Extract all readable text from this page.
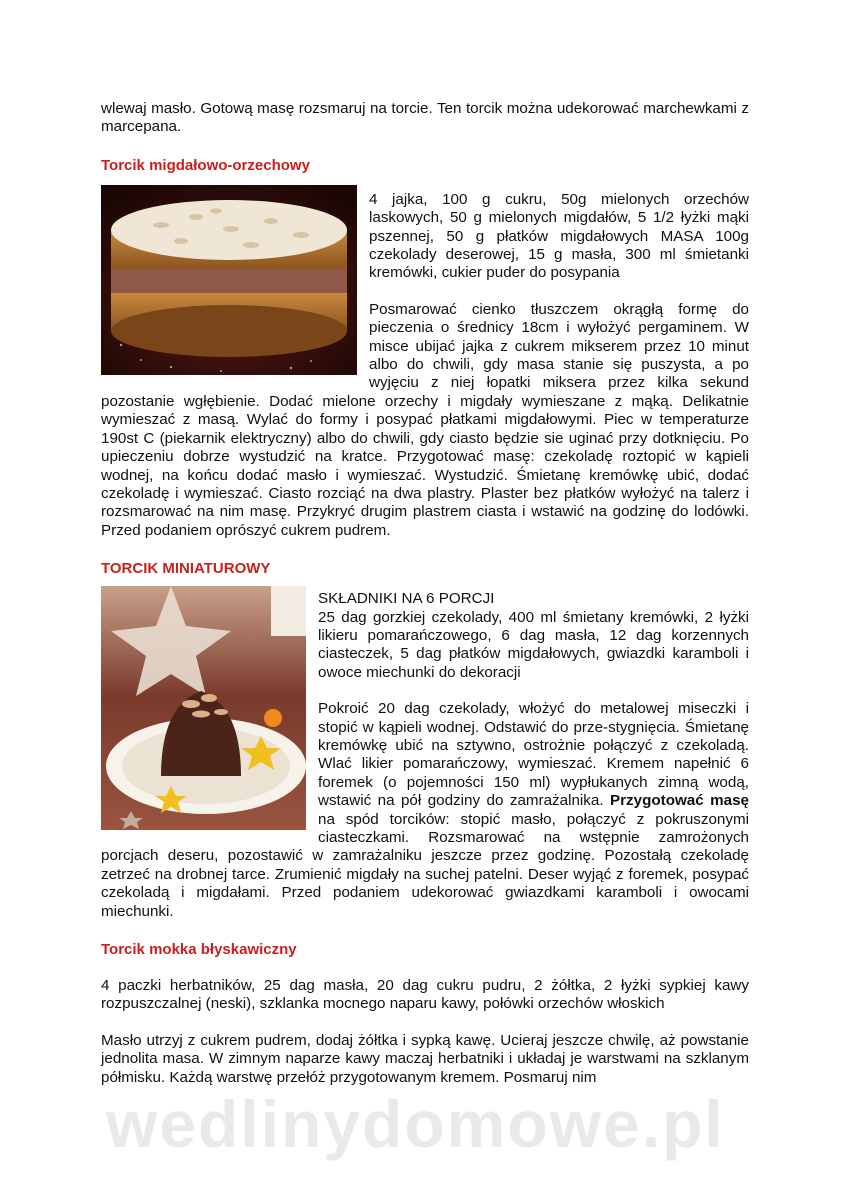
wlewaj masło. Gotową masę rozsmaruj na torcie. Ten torcik można udekorować marchewkami z marcepana.

Torcik migdałowo-orzechowy

4 jajka, 100 g cukru, 50g mielonych orzechów laskowych, 50 g mielonych migdałów, 5 1/2 łyżki mąki pszennej, 50 g płatków migdałowych MASA 100g czekolady deserowej, 15 g masła, 300 ml śmietanki kremówki, cukier puder do posypania

Posmarować cienko tłuszczem okrągłą formę do pieczenia o średnicy 18cm i wyłożyć pergaminem. W misce ubijać jajka z cukrem mikserem przez 10 minut albo do chwili, gdy masa stanie się puszysta, a po wyjęciu z niej łopatki miksera przez kilka sekund pozostanie wgłębienie. Dodać mielone orzechy i migdały wymieszane z mąką. Delikatnie wymieszać z masą. Wylać do formy i posypać płatkami migdałowymi. Piec w temperaturze 190st C (piekarnik elektryczny) albo do chwili, gdy ciasto będzie sie uginać przy dotknięciu. Po upieczeniu dobrze wystudzić na kratce. Przygotować masę: czekoladę roztopić w kąpieli wodnej, na końcu dodać masło i wymieszać. Wystudzić. Śmietanę kremówkę ubić, dodać czekoladę i wymieszać. Ciasto rozciąć na dwa plastry. Plaster bez płatków wyłożyć na talerz i rozsmarować na nim masę. Przykryć drugim plastrem ciasta i wstawić na godzinę do lodówki. Przed podaniem oprószyć cukrem pudrem.

TORCIK MINIATUROWY

SKŁADNIKI NA 6 PORCJI

25 dag gorzkiej czekolady, 400 ml śmietany kremówki, 2 łyżki likieru pomarańczowego, 6 dag masła, 12 dag korzennych ciasteczek, 5 dag płatków migdałowych, gwiazdki karamboli i owoce miechunki do dekoracji

Pokroić 20 dag czekolady, włożyć do metalowej miseczki i stopić w kąpieli wodnej. Odstawić do prze-stygnięcia. Śmietanę kremówkę ubić na sztywno, ostrożnie połączyć z czekoladą. Wlać likier pomarańczowy, wymieszać. Kremem napełnić 6 foremek (o pojemności 150 ml) wypłukanych zimną wodą, wstawić na pół godziny do zamrażalnika. Przygotować masę na spód torcików: stopić masło, połączyć z pokruszonymi ciasteczkami. Rozsmarować na wstępnie zamrożonych porcjach deseru, pozostawić w zamrażalniku jeszcze przez godzinę. Pozostałą czekoladę zetrzeć na drobnej tarce. Zrumienić migdały na suchej patelni. Deser wyjąć z foremek, posypać czekoladą i migdałami. Przed podaniem udekorować gwiazdkami karamboli i owocami miechunki.

Torcik mokka błyskawiczny

4 paczki herbatników, 25 dag masła, 20 dag cukru pudru, 2 żółtka, 2 łyżki sypkiej kawy rozpuszczalnej (neski), szklanka mocnego naparu kawy, połówki orzechów włoskich

Masło utrzyj z cukrem pudrem, dodaj żółtka i sypką kawę. Ucieraj jeszcze chwilę, aż powstanie jednolita masa. W zimnym naparze kawy maczaj herbatniki i układaj je warstwami na szklanym półmisku. Każdą warstwę przełóż przygotowanym kremem. Posmaruj nim

wedlinydomowe.pl
